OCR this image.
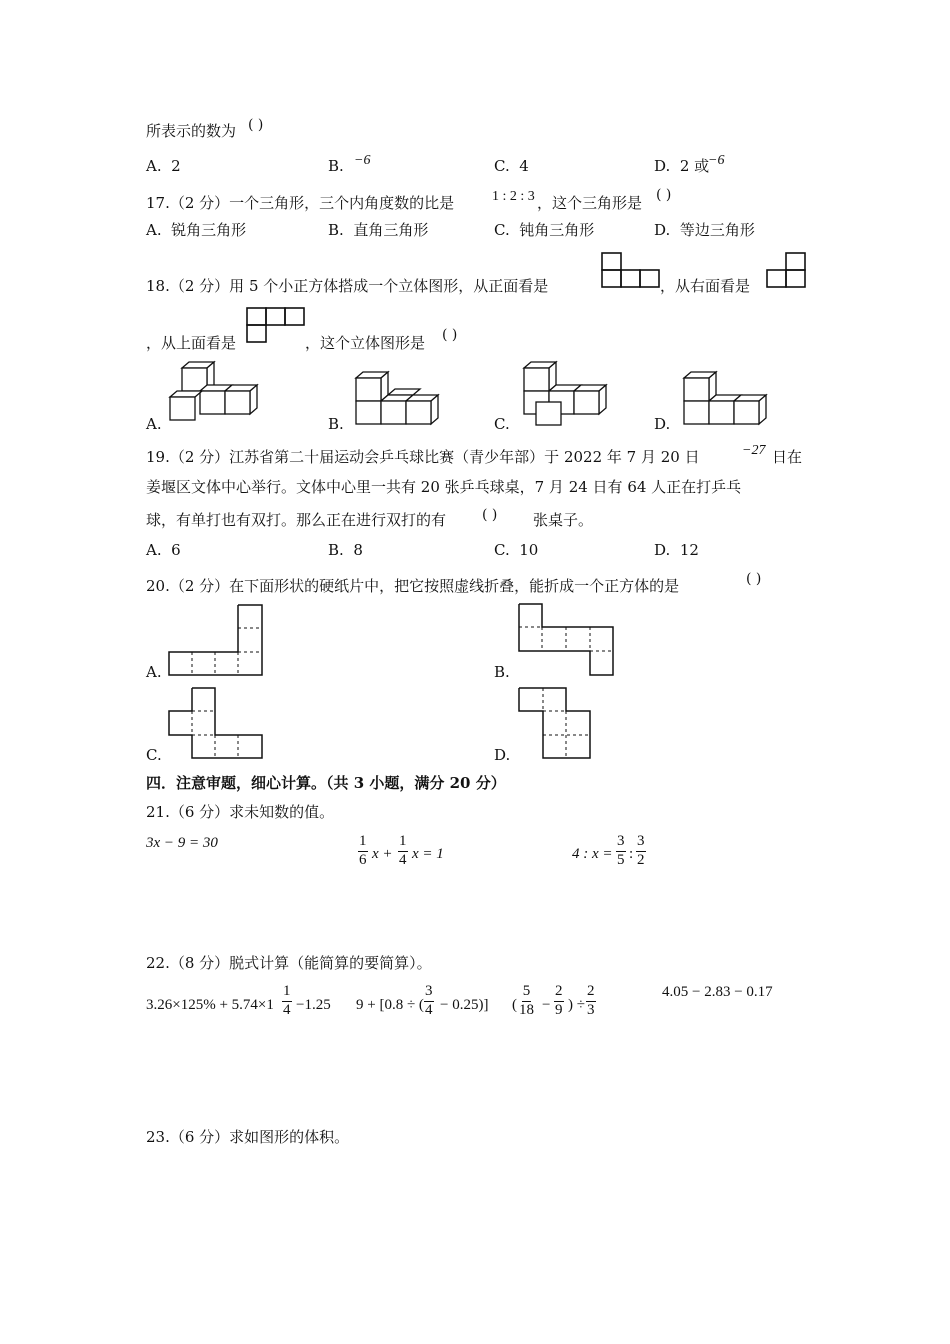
所表示的数为 ( )
A. 2	B. −6	C. 4	D. 2 或
−6
17.（2 分）一个三角形，三个内角度数的比是	1 : 2 : 3 ，这个三角形是 ( )
A. 锐角三角形	B. 直角三角形	C. 钝角三角形	D. 等边三角形
18.（2 分）用 5 个小正方体搭成一个立体图形，从正面看是	，从右面看是
，从上面看是	，这个立体图形是 ( )
A.	B.	C.	D.
19.（2 分）江苏省第二十届运动会乒乓球比赛（青少年部）于 2022 年 7 月 20 日	−27 日在
姜堰区文体中心举行。文体中心里一共有 20 张乒乓球桌，7 月 24 日有 64 人正在打乒乓
球，有单打也有双打。那么正在进行双打的有	( ) 张桌子。
A. 6	B. 8	C. 10	D. 12
20.（2 分）在下面形状的硬纸片中，把它按照虚线折叠，能折成一个正方体的是	( )
A.	B.
C.	D.
四．注意审题，细心计算。（共 3 小题，满分 20 分）
21.（6 分）求未知数的值。
3x − 9 = 30	$\frac{1}{6}$ $x + \frac{1}{4}$ x = 1	4 : $x = \frac{3}{5}$ : $\frac{3}{2}$
22.（8 分）脱式计算（能简算的要简算）。
$3.26\times 125\% + 5.74\times 1 \frac{1}{4} -1.25$ 9 + [0.8 ÷ ( $\frac{3}{4} - 0.25$)] ( $\frac{5}{18} - \frac{2}{9}$ ) ÷ $\frac{2}{3}$	4.05 − 2.83 − 0.17
23.（6 分）求如图形的体积。
